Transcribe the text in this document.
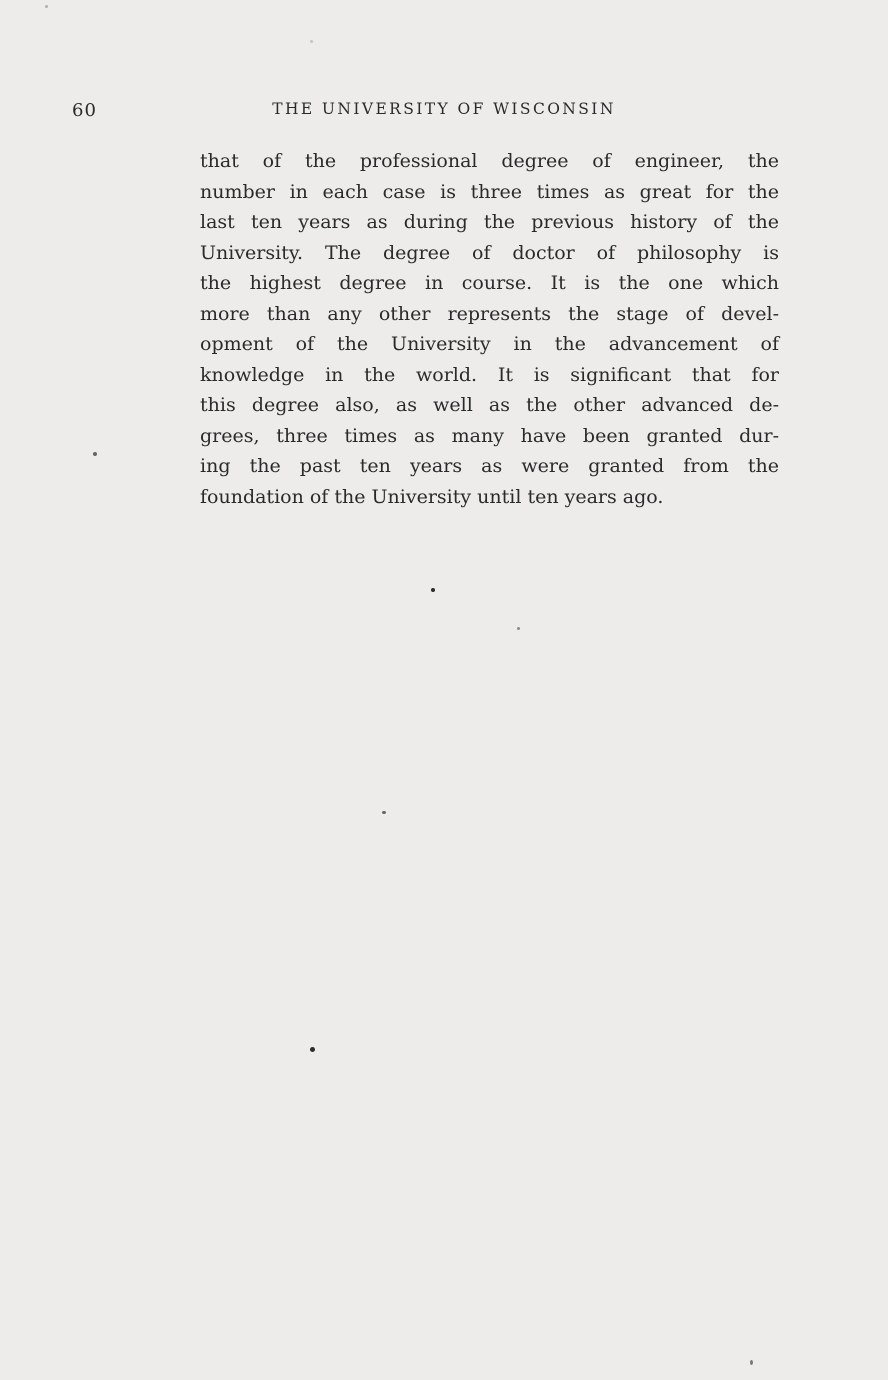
60	THE UNIVERSITY OF WISCONSIN
that of the professional degree of engineer, the
number in each case is three times as great for the
last ten years as during the previous history of the
University. The degree of doctor of philosophy is
the highest degree in course. It is the one which
more than any other represents the stage of devel-
opment of the University in the advancement of
knowledge in the world. It is significant that for
this degree also, as well as the other advanced de-
grees, three times as many have been granted dur-
ing the past ten years as were granted from the
foundation of the University until ten years ago.
